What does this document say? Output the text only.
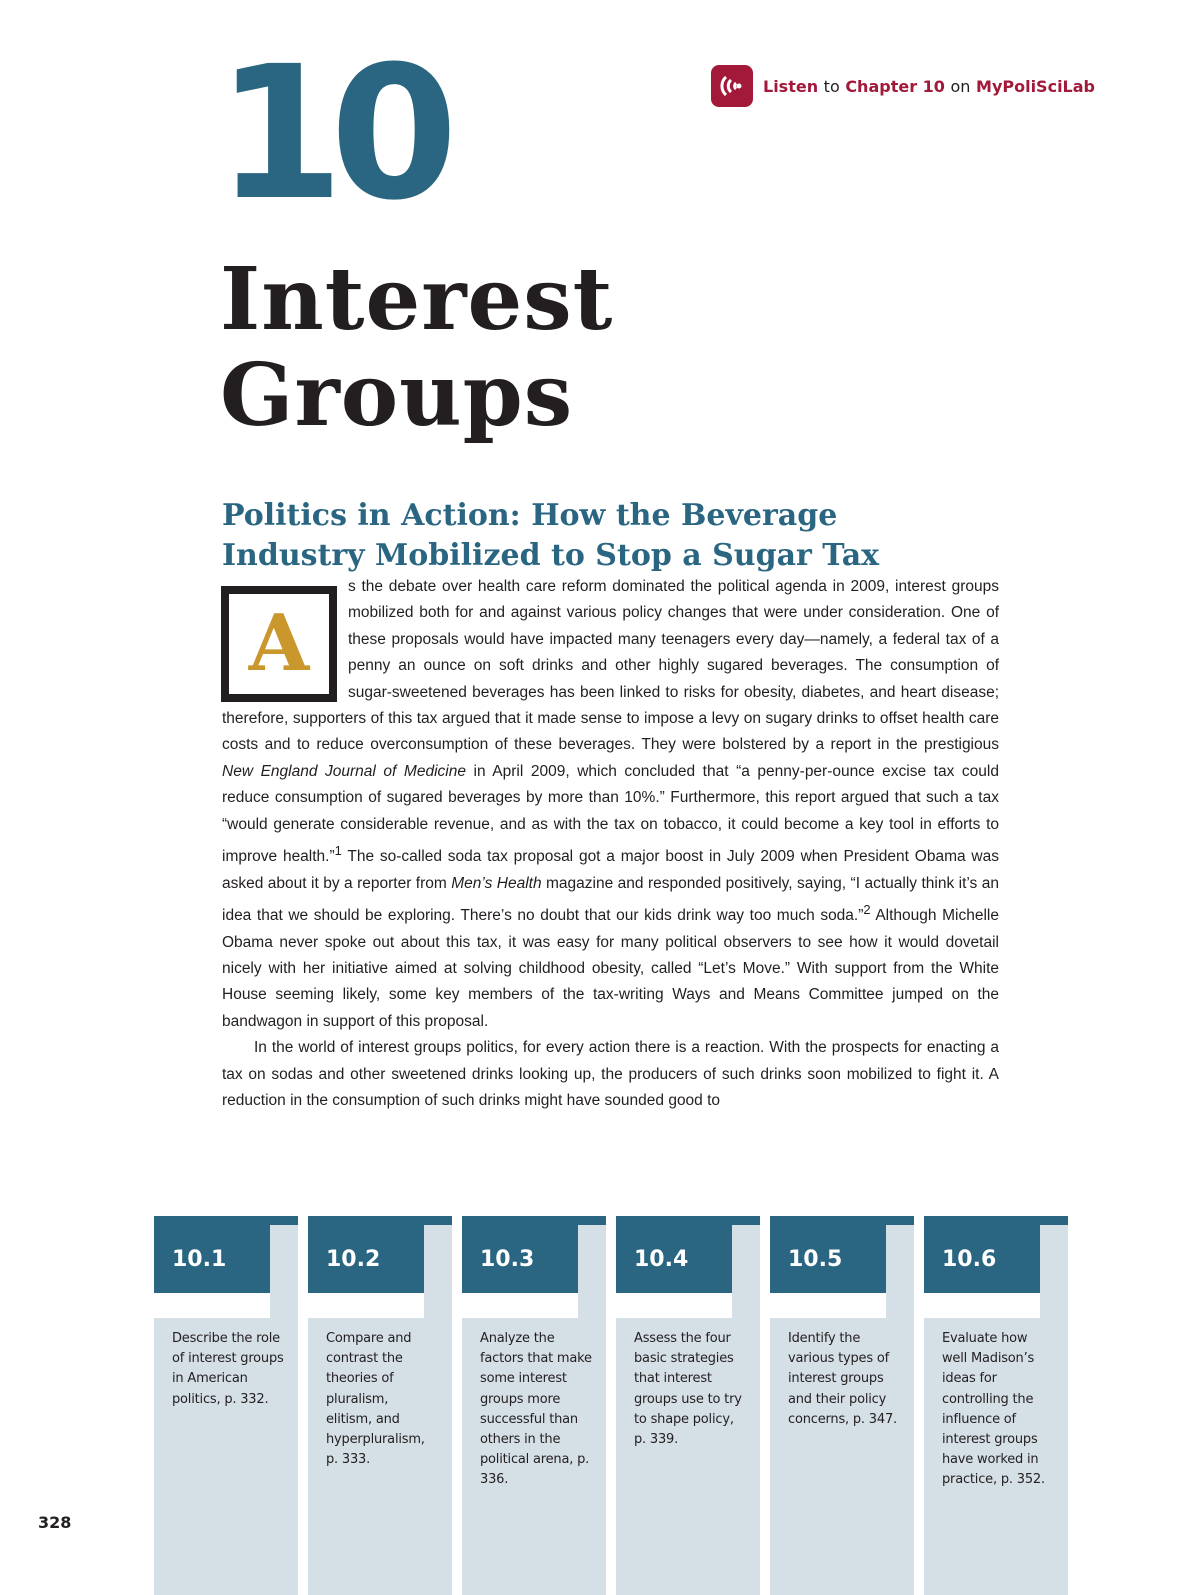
Listen
to
Chapter 10
on
MyPoliSciLab
10
Interest
Groups
Politics in Action: How the Beverage
Industry Mobilized to Stop a Sugar Tax
A

s the debate over health care reform dominated the political agenda in 2009, interest groups mobilized both for and against various policy changes that were under consideration. One of these proposals would have impacted many teenagers every day—namely, a federal tax of a penny an ounce on soft drinks and other highly sugared beverages. The consumption of sugar-sweetened beverages has been linked to risks for obesity, diabetes, and heart disease; therefore, supporters of this tax argued that it made sense to impose a levy on sugary drinks to offset health care costs and to reduce overconsumption of these beverages. They were bolstered by a report in the prestigious New England Journal of Medicine in April 2009, which concluded that “a penny-per-ounce excise tax could reduce consumption of sugared beverages by more than 10%.” Furthermore, this report argued that such a tax “would generate considerable revenue, and as with the tax on tobacco, it could become a key tool in efforts to improve health.”$^1$ The so-called soda tax proposal got a major boost in July 2009 when President Obama was asked about it by a reporter from Men’s Health magazine and responded positively, saying, “I actually think it’s an idea that we should be exploring. There’s no doubt that our kids drink way too much soda.”$^2$ Although Michelle Obama never spoke out about this tax, it was easy for many political observers to see how it would dovetail nicely with her initiative aimed at solving childhood obesity, called “Let’s Move.” With support from the White House seeming likely, some key members of the tax-writing Ways and Means Committee jumped on the bandwagon in support of this proposal.

In the world of interest groups politics, for every action there is a reaction. With the prospects for enacting a tax on sodas and other sweetened drinks looking up, the producers of such drinks soon mobilized to fight it. A reduction in the consumption of such drinks might have sounded good to

10.1
Describe the role of interest groups in American politics, p. 332.
10.2
Compare and contrast the theories of pluralism, elitism, and hyperpluralism, p. 333.
10.3
Analyze the factors that make some interest groups more successful than others in the political arena, p. 336.
10.4
Assess the four basic strategies that interest groups use to try to shape policy, p. 339.
10.5
Identify the various types of interest groups and their policy concerns, p. 347.
10.6
Evaluate how well Madison’s ideas for controlling the influence of interest groups have worked in practice, p. 352.
328
